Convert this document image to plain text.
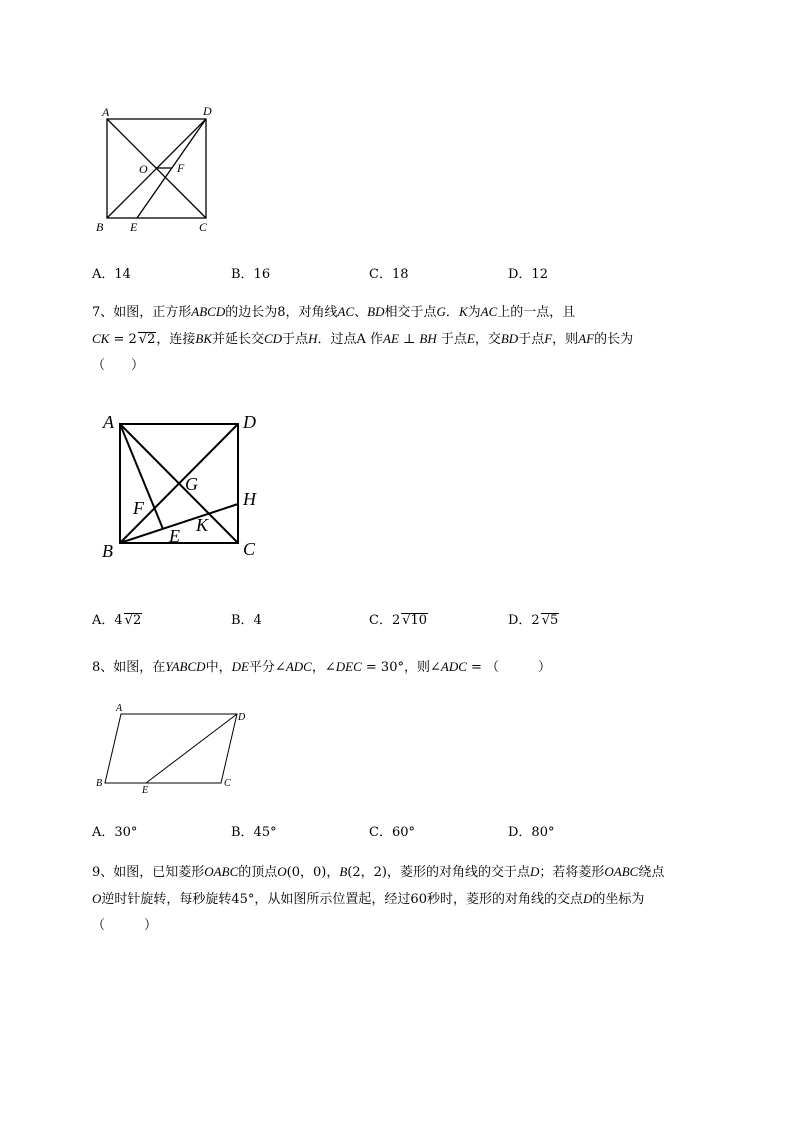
A	D
O F
B E	C
A．14	B．16	C．18	D．12
7、如图，正方形ABCD的边长为8，对角线AC、BD相交于点G．K为AC上的一点，且
CK = 2 √2，连接BK并延长交CD于点H．过点A 作AE ⊥ BH 于点E，交BD于点F，则AF的长为
（　　）
A	D
G
H
F
K
E
B	C
A．4 √2	B．4	C．2 √10	D．2 √5
8、如图，在YABCD中，DE平分∠ADC，∠DEC = 30°，则∠ADC = （　　　）
A
D
B
E
C
A．30°	B．45°	C．60°	D．80°
9、如图，已知菱形OABC的顶点O(0，0)，B(2，2)，菱形的对角线的交于点D；若将菱形OABC绕点
O逆时针旋转，每秒旋转45°，从如图所示位置起，经过60秒时，菱形的对角线的交点D的坐标为
（　　　）
